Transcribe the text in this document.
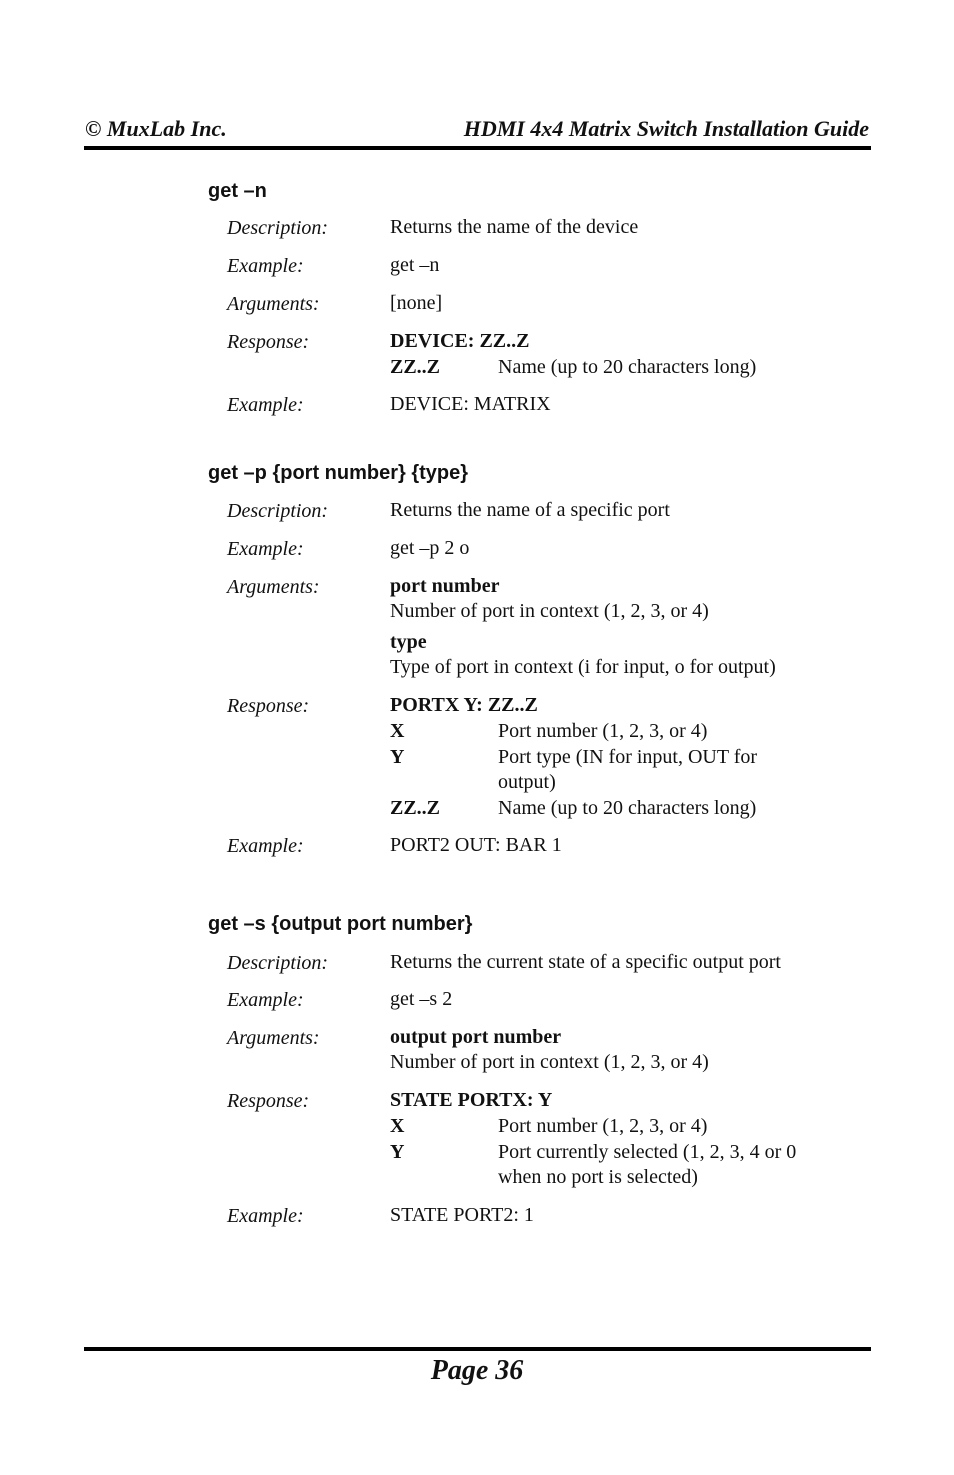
© MuxLab Inc.	HDMI 4x4 Matrix Switch Installation Guide
get –n
Description:	Returns the name of the device
Example:	get –n
Arguments:	[none]
Response:	DEVICE: ZZ..Z
ZZ..Z	Name (up to 20 characters long)
Example:	DEVICE: MATRIX
get –p {port number} {type}
Description:	Returns the name of a specific port
Example:	get –p 2 o
Arguments:	port number
Number of port in context (1, 2, 3, or 4)
type
Type of port in context (i for input, o for output)
Response:	PORTX Y: ZZ..Z
X	Port number (1, 2, 3, or 4)
Y	Port type (IN for input, OUT for output)
ZZ..Z	Name (up to 20 characters long)
Example:	PORT2 OUT: BAR 1
get –s {output port number}
Description:	Returns the current state of a specific output port
Example:	get –s 2
Arguments:	output port number
Number of port in context (1, 2, 3, or 4)
Response:	STATE PORTX: Y
X	Port number (1, 2, 3, or 4)
Y	Port currently selected (1, 2, 3, 4 or 0 when no port is selected)
Example:	STATE PORT2: 1
Page 36
